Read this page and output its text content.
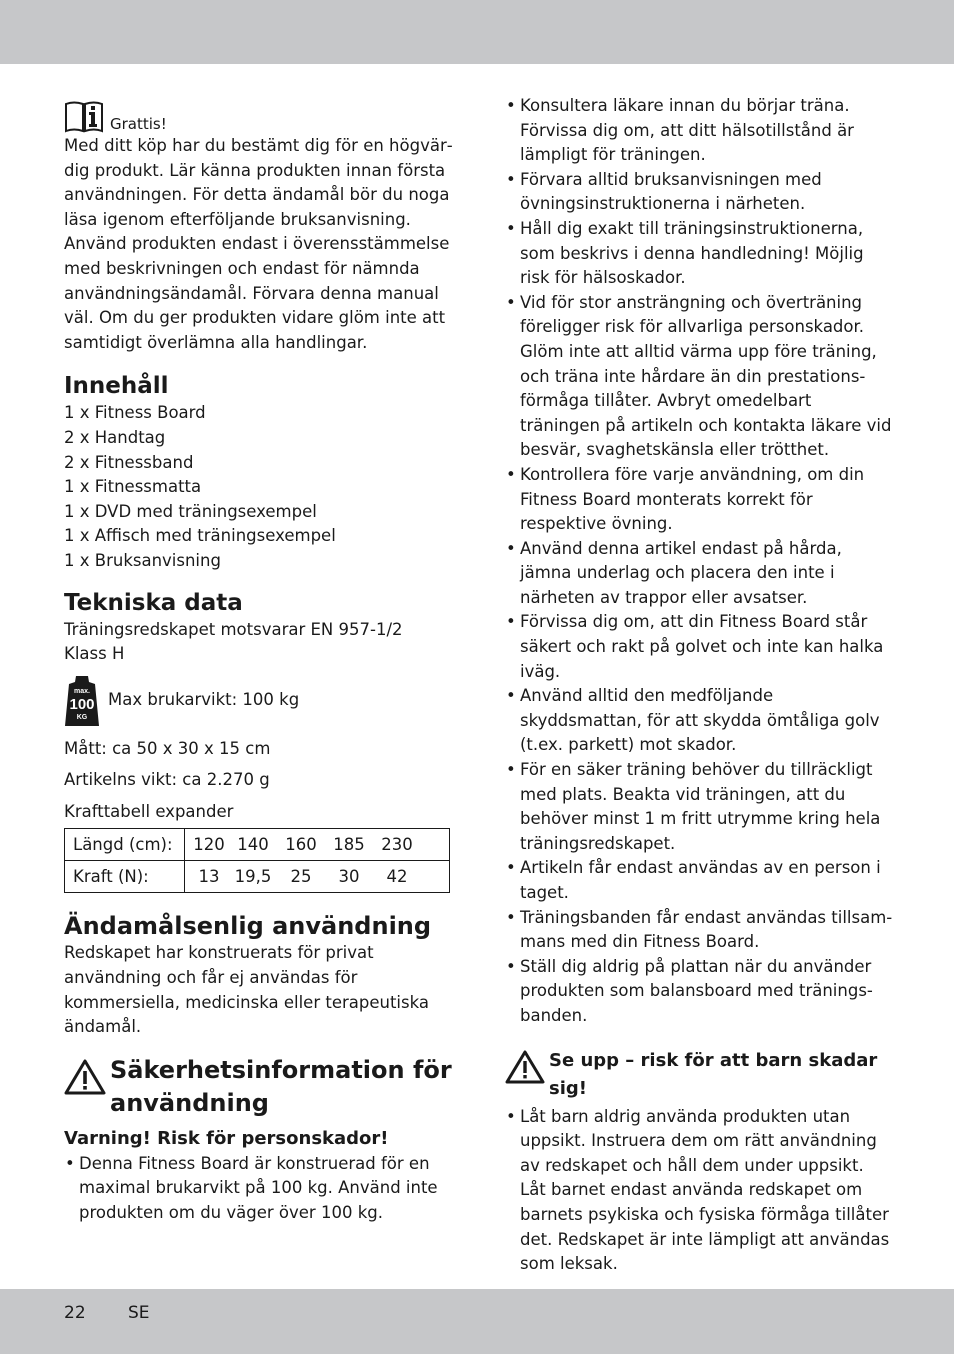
Grattis!

Med ditt köp har du bestämt dig för en högvärdig produkt. Lär känna produkten innan första användningen. För detta ändamål bör du noga läsa igenom efterföljande bruksanvisning. Använd produkten endast i överensstämmelse med beskrivningen och endast för nämnda användningsändamål. Förvara denna manual väl. Om du ger produkten vidare glöm inte att samtidigt överlämna alla handlingar.

Innehåll
1 x Fitness Board
2 x Handtag
2 x Fitnessband
1 x Fitnessmatta
1 x DVD med träningsexempel
1 x Affisch med träningsexempel
1 x Bruksanvisning
Tekniska data

Träningsredskapet motsvarar EN 957-1/2

Klass H

max.
100
KG
Max brukarvikt: 100 kg

Mått: ca 50 x 30 x 15 cm

Artikelns vikt: ca 2.270 g

Krafttabell expander

Längd (cm):	120 140 160 185 230
Kraft (N):	13 19,5 25 30 42
Ändamålsenlig användning

Redskapet har konstruerats för privat användning och får ej användas för kommersiella, medicinska eller terapeutiska ändamål.

Säkerhetsinformation för användning
Varning! Risk för personskador!
• Denna Fitness Board är konstruerad för en maximal brukarvikt på 100 kg. Använd inte produkten om du väger över 100 kg.
• Konsultera läkare innan du börjar träna. Förvissa dig om, att ditt hälsotillstånd är lämpligt för träningen.
• Förvara alltid bruksanvisningen med övningsinstruktionerna i närheten.
• Håll dig exakt till träningsinstruktionerna, som beskrivs i denna handledning! Möjlig risk för hälsoskador.
• Vid för stor ansträngning och överträning föreligger risk för allvarliga personskador. Glöm inte att alltid värma upp före träning, och träna inte hårdare än din prestationsförmåga tillåter. Avbryt omedelbart träningen på artikeln och kontakta läkare vid besvär, svaghetskänsla eller trötthet.
• Kontrollera före varje användning, om din Fitness Board monterats korrekt för respektive övning.
• Använd denna artikel endast på hårda, jämna underlag och placera den inte i närheten av trappor eller avsatser.
• Förvissa dig om, att din Fitness Board står säkert och rakt på golvet och inte kan halka iväg.
• Använd alltid den medföljande skyddsmattan, för att skydda ömtåliga golv (t.ex. parkett) mot skador.
• För en säker träning behöver du tillräckligt med plats. Beakta vid träningen, att du behöver minst 1 m fritt utrymme kring hela träningsredskapet.
• Artikeln får endast användas av en person i taget.
• Träningsbanden får endast användas tillsammans med din Fitness Board.
• Ställ dig aldrig på plattan när du använder produkten som balansboard med träningsbanden.
Se upp – risk för att barn skadar sig!
• Låt barn aldrig använda produkten utan uppsikt. Instruera dem om rätt användning av redskapet och håll dem under uppsikt.
Låt barnet endast använda redskapet om barnets psykiska och fysiska förmåga tillåter det. Redskapet är inte lämpligt att användas som leksak.
22 SE
